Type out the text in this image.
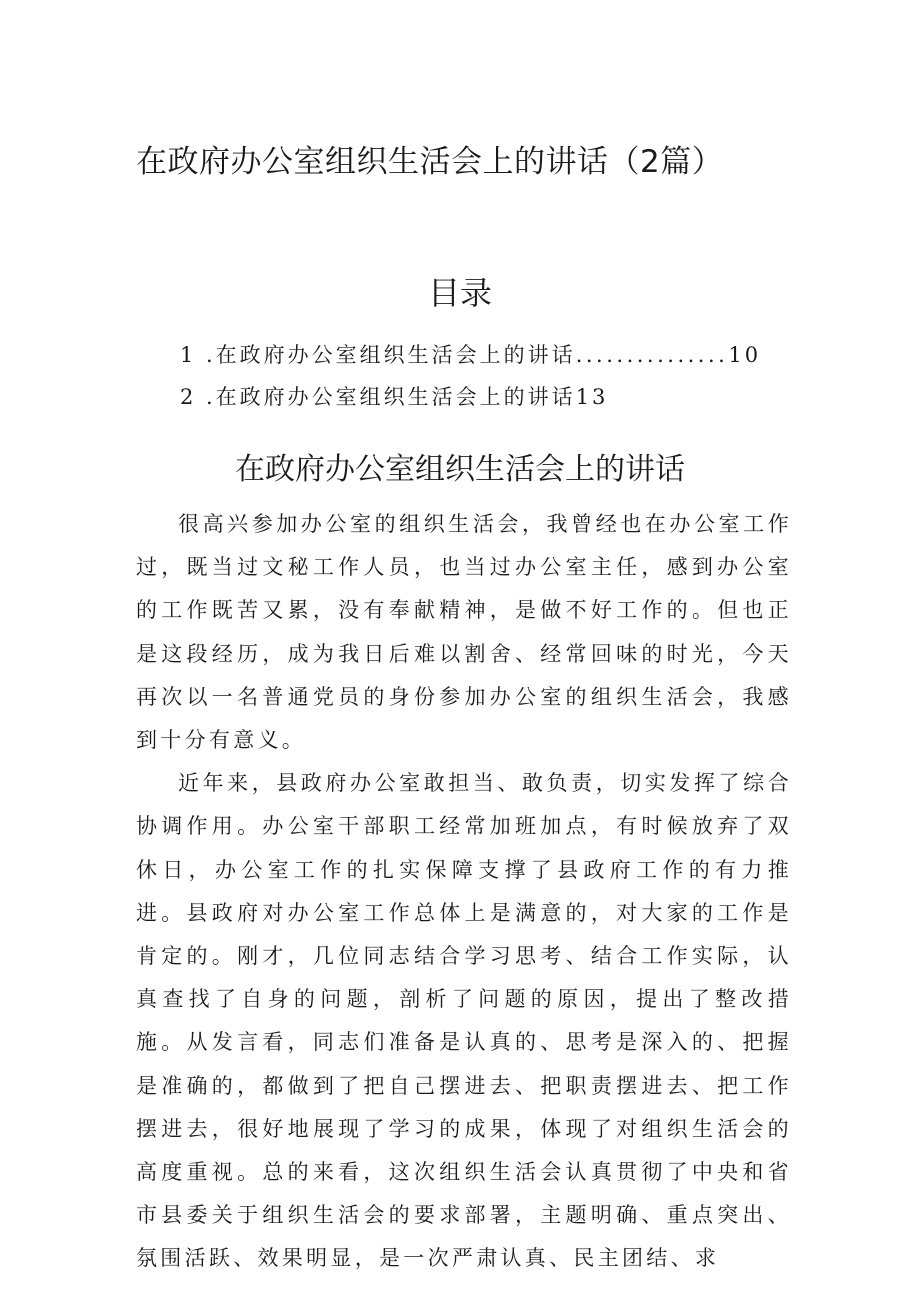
在政府办公室组织生活会上的讲话（2篇）
目录
1 .在政府办公室组织生活会上的讲话...............10
2 .在政府办公室组织生活会上的讲话13
在政府办公室组织生活会上的讲话

很高兴参加办公室的组织生活会，我曾经也在办公室工作过，既当过文秘工作人员，也当过办公室主任，感到办公室的工作既苦又累，没有奉献精神，是做不好工作的。但也正是这段经历，成为我日后难以割舍、经常回味的时光，今天再次以一名普通党员的身份参加办公室的组织生活会，我感到十分有意义。

近年来，县政府办公室敢担当、敢负责，切实发挥了综合协调作用。办公室干部职工经常加班加点，有时候放弃了双休日，办公室工作的扎实保障支撑了县政府工作的有力推进。县政府对办公室工作总体上是满意的，对大家的工作是肯定的。刚才，几位同志结合学习思考、结合工作实际，认真查找了自身的问题，剖析了问题的原因，提出了整改措施。从发言看，同志们准备是认真的、思考是深入的、把握是准确的，都做到了把自己摆进去、把职责摆进去、把工作摆进去，很好地展现了学习的成果，体现了对组织生活会的高度重视。总的来看，这次组织生活会认真贯彻了中央和省市县委关于组织生活会的要求部署，主题明确、重点突出、氛围活跃、效果明显，是一次严肃认真、民主团结、求
